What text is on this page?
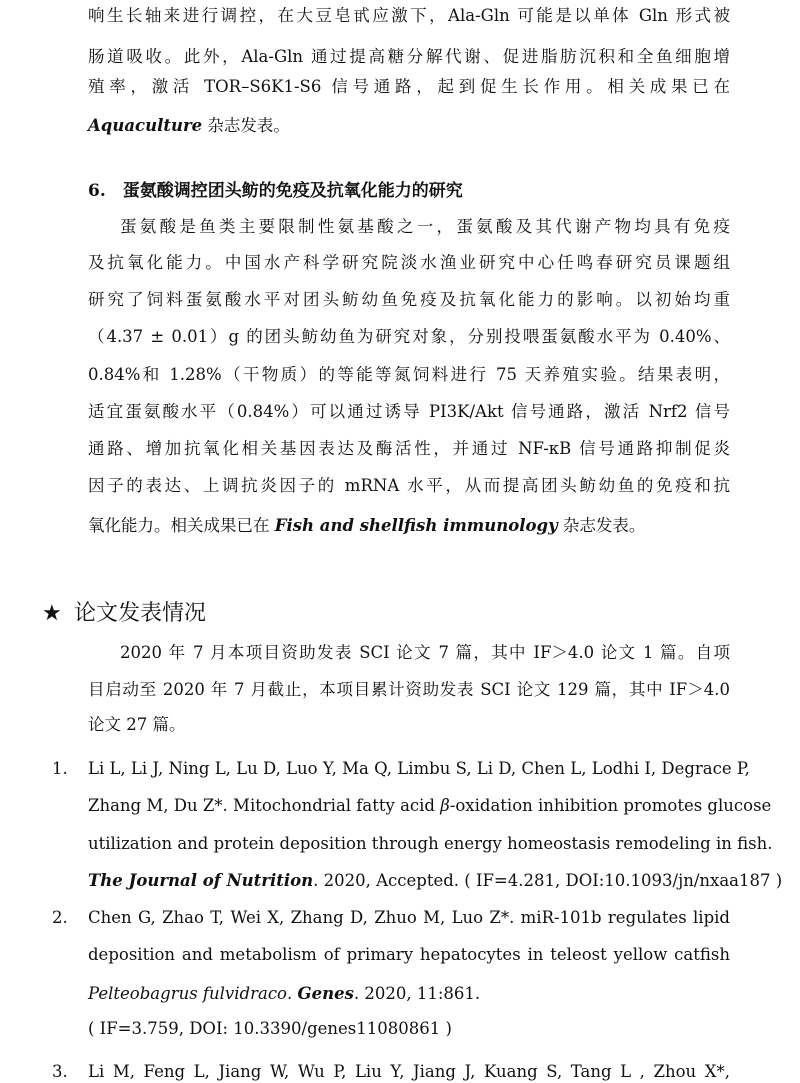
响生长轴来进行调控，在大豆皂甙应激下，Ala-Gln 可能是以单体 Gln 形式被
肠道吸收。此外，Ala-Gln 通过提高糖分解代谢、促进脂肪沉积和全鱼细胞增
殖率，激活 TOR–S6K1-S6 信号通路，起到促生长作用。相关成果已在
Aquaculture 杂志发表。
6.　蛋氨酸调控团头鲂的免疫及抗氧化能力的研究
蛋氨酸是鱼类主要限制性氨基酸之一，蛋氨酸及其代谢产物均具有免疫
及抗氧化能力。中国水产科学研究院淡水渔业研究中心任鸣春研究员课题组
研究了饲料蛋氨酸水平对团头鲂幼鱼免疫及抗氧化能力的影响。以初始均重
（4.37 ± 0.01）g 的团头鲂幼鱼为研究对象，分别投喂蛋氨酸水平为 0.40%、
0.84%和 1.28%（干物质）的等能等氮饲料进行 75 天养殖实验。结果表明，
适宜蛋氨酸水平（0.84%）可以通过诱导 PI3K/Akt 信号通路，激活 Nrf2 信号
通路、增加抗氧化相关基因表达及酶活性，并通过 NF-κB 信号通路抑制促炎
因子的表达、上调抗炎因子的 mRNA 水平，从而提高团头鲂幼鱼的免疫和抗
氧化能力。相关成果已在 Fish and shellfish immunology 杂志发表。
★ 论文发表情况
2020 年 7 月本项目资助发表 SCI 论文 7 篇，其中 IF＞4.0 论文 1 篇。自项
目启动至 2020 年 7 月截止，本项目累计资助发表 SCI 论文 129 篇，其中 IF＞4.0
论文 27 篇。
1. Li L, Li J, Ning L, Lu D, Luo Y, Ma Q, Limbu S, Li D, Chen L, Lodhi I, Degrace P,
Zhang M, Du Z*. Mitochondrial fatty acid β-oxidation inhibition promotes glucose
utilization and protein deposition through energy homeostasis remodeling in fish.
The Journal of Nutrition. 2020, Accepted. ( IF=4.281, DOI:10.1093/jn/nxaa187 )
2. Chen G, Zhao T, Wei X, Zhang D, Zhuo M, Luo Z*. miR-101b regulates lipid
deposition and metabolism of primary hepatocytes in teleost yellow catfish
Pelteobagrus fulvidraco. Genes. 2020, 11:861.
( IF=3.759, DOI: 10.3390/genes11080861 )
3. Li M, Feng L, Jiang W, Wu P, Liu Y, Jiang J, Kuang S, Tang L , Zhou X*,
